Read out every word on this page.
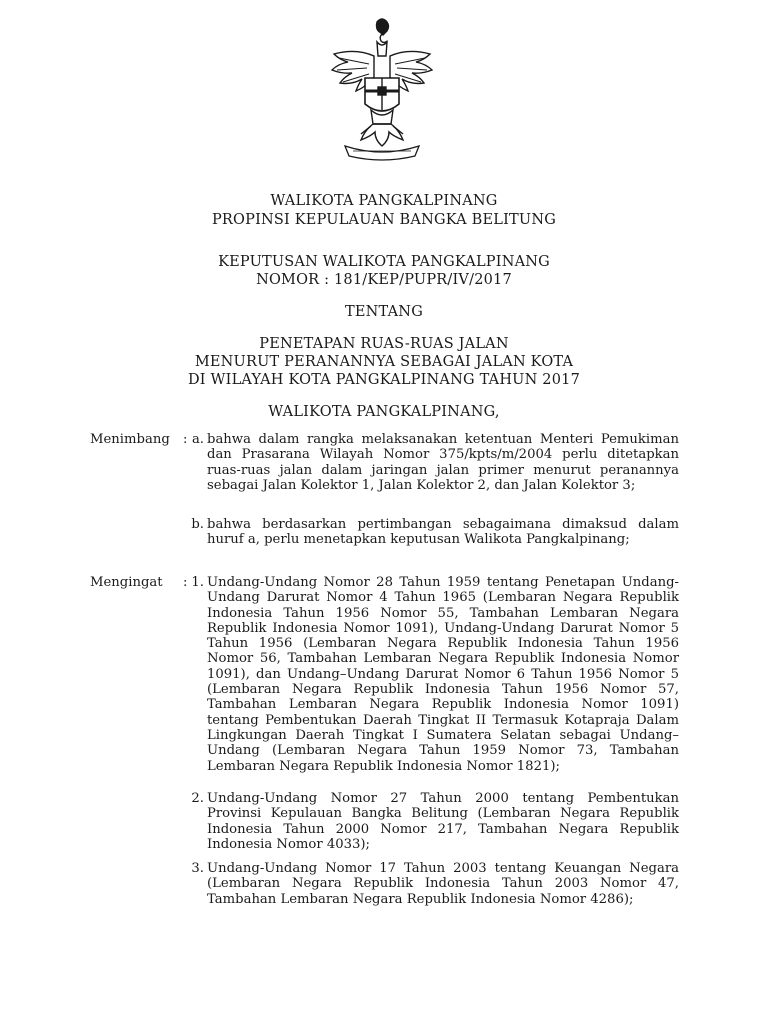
WALIKOTA PANGKALPINANG
PROPINSI KEPULAUAN BANGKA BELITUNG
KEPUTUSAN WALIKOTA PANGKALPINANG
NOMOR : 181/KEP/PUPR/IV/2017
TENTANG
PENETAPAN RUAS-RUAS JALAN
MENURUT PERANANNYA SEBAGAI JALAN KOTA
DI WILAYAH KOTA PANGKALPINANG TAHUN 2017
WALIKOTA PANGKALPINANG,
Menimbang : a. bahwa dalam rangka melaksanakan ketentuan Menteri Pemukiman dan Prasarana Wilayah Nomor 375/kpts/m/2004 perlu ditetapkan ruas-ruas jalan dalam jaringan jalan primer menurut peranannya sebagai Jalan Kolektor 1, Jalan Kolektor 2, dan Jalan Kolektor 3;
b. bahwa berdasarkan pertimbangan sebagaimana dimaksud dalam huruf a, perlu menetapkan keputusan Walikota Pangkalpinang;
Mengingat : 1. Undang-Undang Nomor 28 Tahun 1959 tentang Penetapan Undang-Undang Darurat Nomor 4 Tahun 1965 (Lembaran Negara Republik Indonesia Tahun 1956 Nomor 55, Tambahan Lembaran Negara Republik Indonesia Nomor 1091), Undang-Undang Darurat Nomor 5 Tahun 1956 (Lembaran Negara Republik Indonesia Tahun 1956 Nomor 56, Tambahan Lembaran Negara Republik Indonesia Nomor 1091), dan Undang–Undang Darurat Nomor 6 Tahun 1956 Nomor 5 (Lembaran Negara Republik Indonesia Tahun 1956 Nomor 57, Tambahan Lembaran Negara Republik Indonesia Nomor 1091) tentang Pembentukan Daerah Tingkat II Termasuk Kotapraja Dalam Lingkungan Daerah Tingkat I Sumatera Selatan sebagai Undang–Undang (Lembaran Negara Tahun 1959 Nomor 73, Tambahan Lembaran Negara Republik Indonesia Nomor 1821);
2. Undang-Undang Nomor 27 Tahun 2000 tentang Pembentukan Provinsi Kepulauan Bangka Belitung (Lembaran Negara Republik Indonesia Tahun 2000 Nomor 217, Tambahan Negara Republik Indonesia Nomor 4033);
3. Undang-Undang Nomor 17 Tahun 2003 tentang Keuangan Negara (Lembaran Negara Republik Indonesia Tahun 2003 Nomor 47, Tambahan Lembaran Negara Republik Indonesia Nomor 4286);
